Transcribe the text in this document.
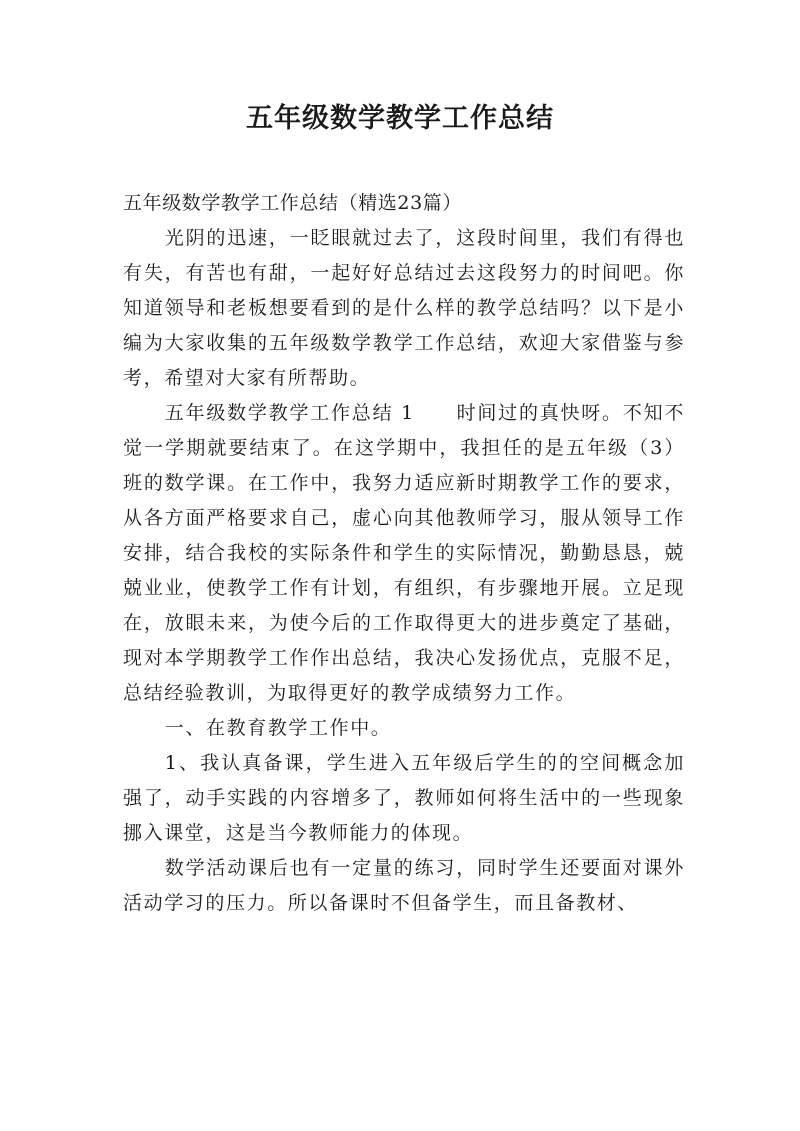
五年级数学教学工作总结

五年级数学教学工作总结（精选23篇）

光阴的迅速，一眨眼就过去了，这段时间里，我们有得也有失，有苦也有甜，一起好好总结过去这段努力的时间吧。你知道领导和老板想要看到的是什么样的教学总结吗？以下是小编为大家收集的五年级数学教学工作总结，欢迎大家借鉴与参考，希望对大家有所帮助。

五年级数学教学工作总结 1　　时间过的真快呀。不知不觉一学期就要结束了。在这学期中，我担任的是五年级（3）班的数学课。在工作中，我努力适应新时期教学工作的要求，从各方面严格要求自己，虚心向其他教师学习，服从领导工作安排，结合我校的实际条件和学生的实际情况，勤勤恳恳，兢兢业业，使教学工作有计划，有组织，有步骤地开展。立足现在，放眼未来，为使今后的工作取得更大的进步奠定了基础，现对本学期教学工作作出总结，我决心发扬优点，克服不足，总结经验教训，为取得更好的教学成绩努力工作。

一、在教育教学工作中。

1、我认真备课，学生进入五年级后学生的的空间概念加强了，动手实践的内容增多了，教师如何将生活中的一些现象挪入课堂，这是当今教师能力的体现。

数学活动课后也有一定量的练习，同时学生还要面对课外活动学习的压力。所以备课时不但备学生，而且备教材、
